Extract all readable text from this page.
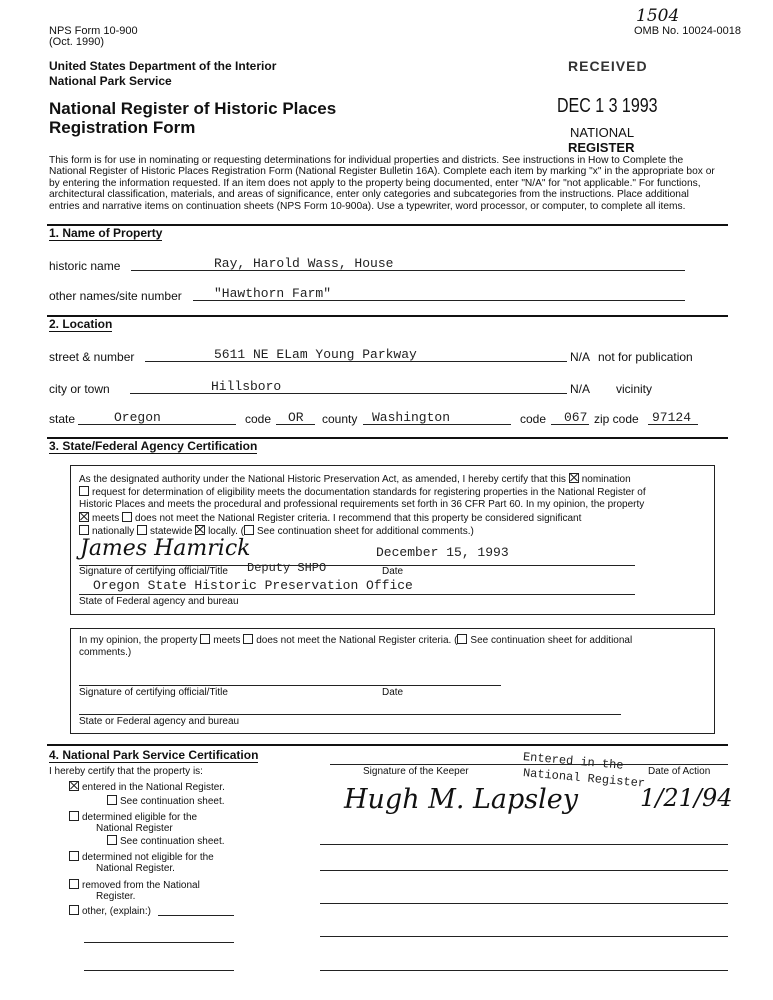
NPS Form 10-900
(Oct. 1990)
1504
OMB No. 10024-0018
United States Department of the Interior
National Park Service
National Register of Historic Places
Registration Form
RECEIVED
DEC 1 3 1993
NATIONAL
REGISTER
This form is for use in nominating or requesting determinations for individual properties and districts. See instructions in How to Complete the
National Register of Historic Places Registration Form (National Register Bulletin 16A). Complete each item by marking "x" in the appropriate box or
by entering the information requested. If an item does not apply to the property being documented, enter "N/A" for "not applicable." For functions,
architectural classification, materials, and areas of significance, enter only categories and subcategories from the instructions. Place additional
entries and narrative items on continuation sheets (NPS Form 10-900a). Use a typewriter, word processor, or computer, to complete all items.
1. Name of Property
historic name	Ray, Harold Wass, House
other names/site number "Hawthorn Farm"
2. Location
street & number	5611 NE ELam Young Parkway	N/A not for publication
city or town	Hillsboro	N/A vicinity
state	Oregon	code OR county Washington	code 067 zip code 97124
3. State/Federal Agency Certification
As the designated authority under the National Historic Preservation Act, as amended, I hereby certify that this nomination
request for determination of eligibility meets the documentation standards for registering properties in the National Register of
Historic Places and meets the procedural and professional requirements set forth in 36 CFR Part 60. In my opinion, the property
meets does not meet the National Register criteria. I recommend that this property be considered significant
nationally statewide locally. ( See continuation sheet for additional comments.)
James Hamrick	December 15, 1993
Signature of certifying official/Title Deputy SHPO	Date
Oregon State Historic Preservation Office
State of Federal agency and bureau
In my opinion, the property meets does not meet the National Register criteria. ( See continuation sheet for additional
comments.)
Signature of certifying official/Title	Date
State or Federal agency and bureau
4. National Park Service Certification
I hereby certify that the property is:	Signature of the Keeper	Date of Action
Entered in the
National Register
Hugh M. Lapsley	1/21/94
entered in the National Register.
See continuation sheet.
determined eligible for the
National Register
See continuation sheet.
determined not eligible for the
National Register.
removed from the National
Register.
other, (explain:)
